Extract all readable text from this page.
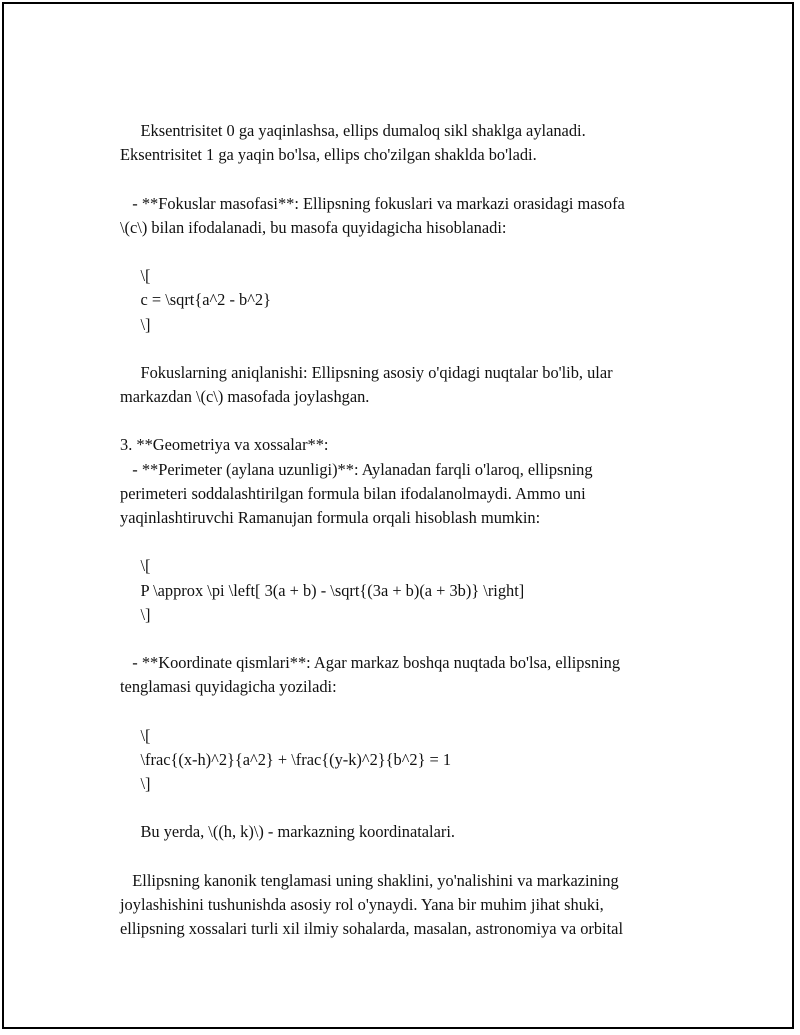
Eksentrisitet 0 ga yaqinlashsa, ellips dumaloq sikl shaklga aylanadi.
Eksentrisitet 1 ga yaqin bo'lsa, ellips cho'zilgan shaklda bo'ladi.
- **Fokuslar masofasi**: Ellipsning fokuslari va markazi orasidagi masofa
\(c\) bilan ifodalanadi, bu masofa quyidagicha hisoblanadi:
\[
c = \sqrt{a^2 - b^2}
\]
Fokuslarning aniqlanishi: Ellipsning asosiy o'qidagi nuqtalar bo'lib, ular
markazdan \(c\) masofada joylashgan.
3. **Geometriya va xossalar**:
- **Perimeter (aylana uzunligi)**: Aylanadan farqli o'laroq, ellipsning
perimeteri soddalashtirilgan formula bilan ifodalanolmaydi. Ammo uni
yaqinlashtiruvchi Ramanujan formula orqali hisoblash mumkin:
\[
P \approx \pi \left[ 3(a + b) - \sqrt{(3a + b)(a + 3b)} \right]
\]
- **Koordinate qismlari**: Agar markaz boshqa nuqtada bo'lsa, ellipsning
tenglamasi quyidagicha yoziladi:
\[
\frac{(x-h)^2}{a^2} + \frac{(y-k)^2}{b^2} = 1
\]
Bu yerda, \((h, k)\) - markazning koordinatalari.
Ellipsning kanonik tenglamasi uning shaklini, yo'nalishini va markazining
joylashishini tushunishda asosiy rol o'ynaydi. Yana bir muhim jihat shuki,
ellipsning xossalari turli xil ilmiy sohalarda, masalan, astronomiya va orbital
